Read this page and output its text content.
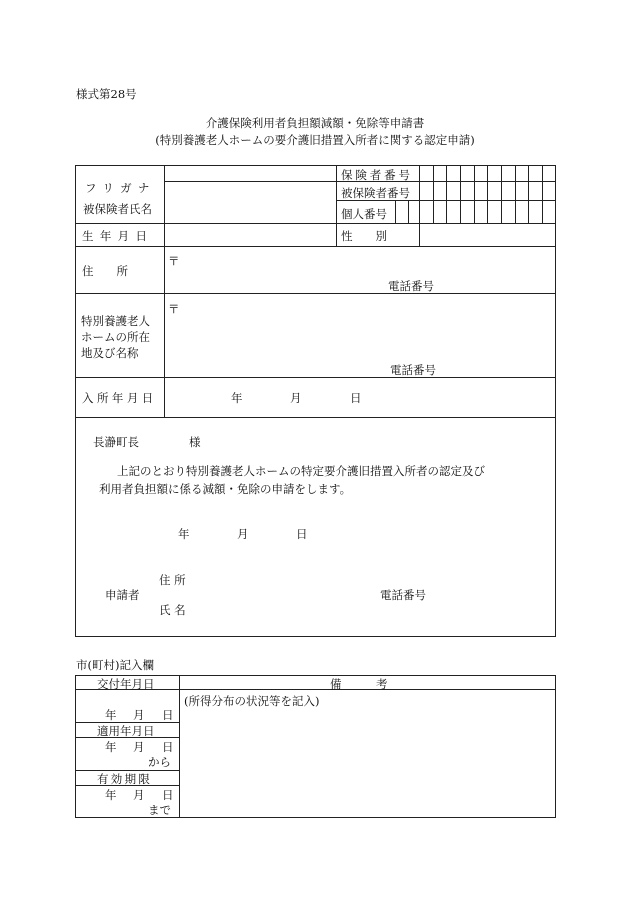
様式第28号
介護保険利用者負担額減額・免除等申請書
(特別養護老人ホームの要介護旧措置入所者に関する認定申請)
フリガナ
被保険者氏名
保険者番号
被保険者番号
個人番号
生年月日	性　　別
住　　所
〒
電話番号
特別養護老人
ホームの所在
地及び名称
〒
電話番号
入所年月日	年	月	日
長瀞町長	様
上記のとおり特別養護老人ホームの特定要介護旧措置入所者の認定及び
利用者負担額に係る減額・免除の申請をします。
年	月	日
住 所
申請者
氏 名
電話番号
市(町村)記入欄
交付年月日	備　　　考
(所得分布の状況等を記入)
年 月 日
適用年月日
年 月 日
から
有効期限
年 月 日
まで
